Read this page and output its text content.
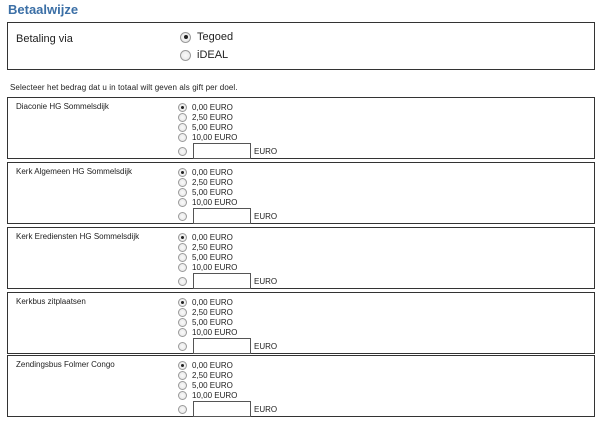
Betaalwijze
Betaling via	Tegoed
iDEAL
Selecteer het bedrag dat u in totaal wilt geven als gift per doel.
Diaconie HG Sommelsdijk	0,00 EURO
2,50 EURO
5,00 EURO
10,00 EURO
EURO
Kerk Algemeen HG Sommelsdijk	0,00 EURO
2,50 EURO
5,00 EURO
10,00 EURO
EURO
Kerk Erediensten HG Sommelsdijk	0,00 EURO
2,50 EURO
5,00 EURO
10,00 EURO
EURO
Kerkbus zitplaatsen	0,00 EURO
2,50 EURO
5,00 EURO
10,00 EURO
EURO
Zendingsbus Folmer Congo	0,00 EURO
2,50 EURO
5,00 EURO
10,00 EURO
EURO
